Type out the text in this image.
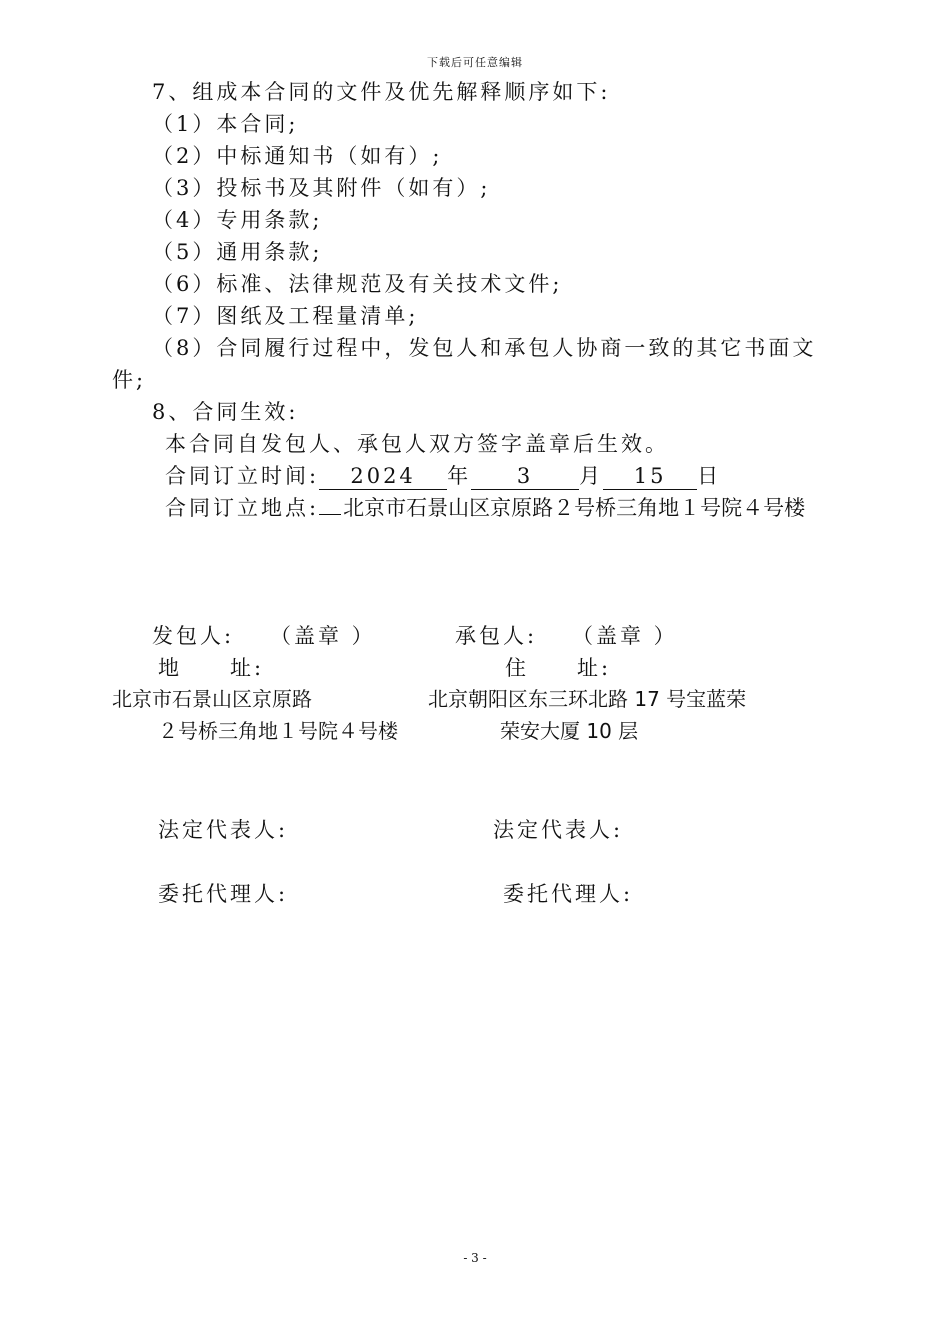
下载后可任意编辑
7、组成本合同的文件及优先解释顺序如下:
（1）本合同;
（2）中标通知书（如有）;
（3）投标书及其附件（如有）;
（4）专用条款;
（5）通用条款;
（6）标准、法律规范及有关技术文件;
（7）图纸及工程量清单;
（8）合同履行过程中，发包人和承包人协商一致的其它书面文
件;
8、合同生效:
本合同自发包人、承包人双方签字盖章后生效。
合同订立时间: 2024 年 3 月 15 日
合同订立地点: 北京市石景山区京原路２号桥三角地１号院４号楼
发包人: （盖章 ）	承包人: （盖章 ）
地　　址:	住　　址:
北京市石景山区京原路	北京朝阳区东三环北路 17 号宝蓝荣
２号桥三角地１号院４号楼	荣安大厦 10 层
法定代表人:	法定代表人:
委托代理人:	委托代理人:
- 3 -
